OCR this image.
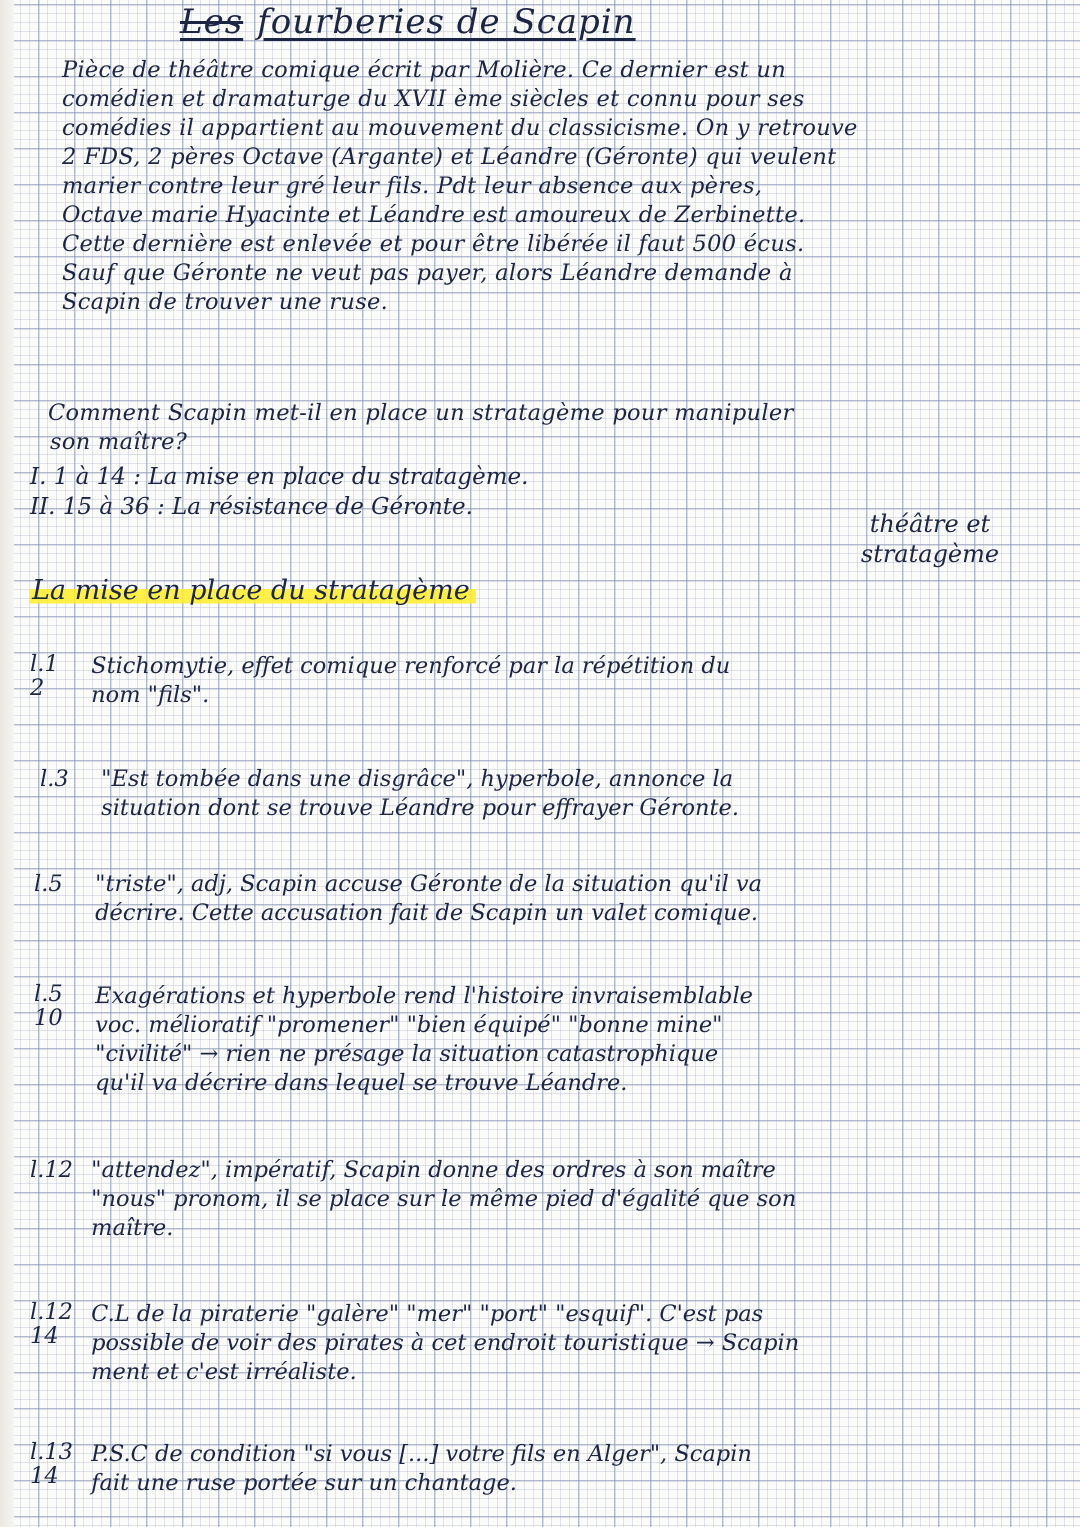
Les fourberies de Scapin
Pièce de théâtre comique écrit par Molière. Ce dernier est un
comédien et dramaturge du XVII ème siècles et connu pour ses
comédies il appartient au mouvement du classicisme. On y retrouve
2 FDS, 2 pères Octave (Argante) et Léandre (Géronte) qui veulent
marier contre leur gré leur fils. Pdt leur absence aux pères,
Octave marie Hyacinte et Léandre est amoureux de Zerbinette.
Cette dernière est enlevée et pour être libérée il faut 500 écus.
Sauf que Géronte ne veut pas payer, alors Léandre demande à
Scapin de trouver une ruse.
Comment Scapin met-il en place un stratagème pour manipuler
son maître?
I. 1 à 14 : La mise en place du stratagème.
II. 15 à 36 : La résistance de Géronte.
théâtre et
stratagème
La mise en place du stratagème
l.1
2
Stichomytie, effet comique renforcé par la répétition du
nom "fils".
l.3 "Est tombée dans une disgrâce", hyperbole, annonce la
situation dont se trouve Léandre pour effrayer Géronte.
l.5 "triste", adj, Scapin accuse Géronte de la situation qu'il va
décrire. Cette accusation fait de Scapin un valet comique.
l.5
10
Exagérations et hyperbole rend l'histoire invraisemblable
voc. mélioratif "promener" "bien équipé" "bonne mine"
"civilité" → rien ne présage la situation catastrophique
qu'il va décrire dans lequel se trouve Léandre.
l.12 "attendez", impératif, Scapin donne des ordres à son maître
"nous" pronom, il se place sur le même pied d'égalité que son
maître.
l.12
14
C.L de la piraterie "galère" "mer" "port" "esquif". C'est pas
possible de voir des pirates à cet endroit touristique → Scapin
ment et c'est irréaliste.
l.13
14
P.S.C de condition "si vous [...] votre fils en Alger", Scapin
fait une ruse portée sur un chantage.
